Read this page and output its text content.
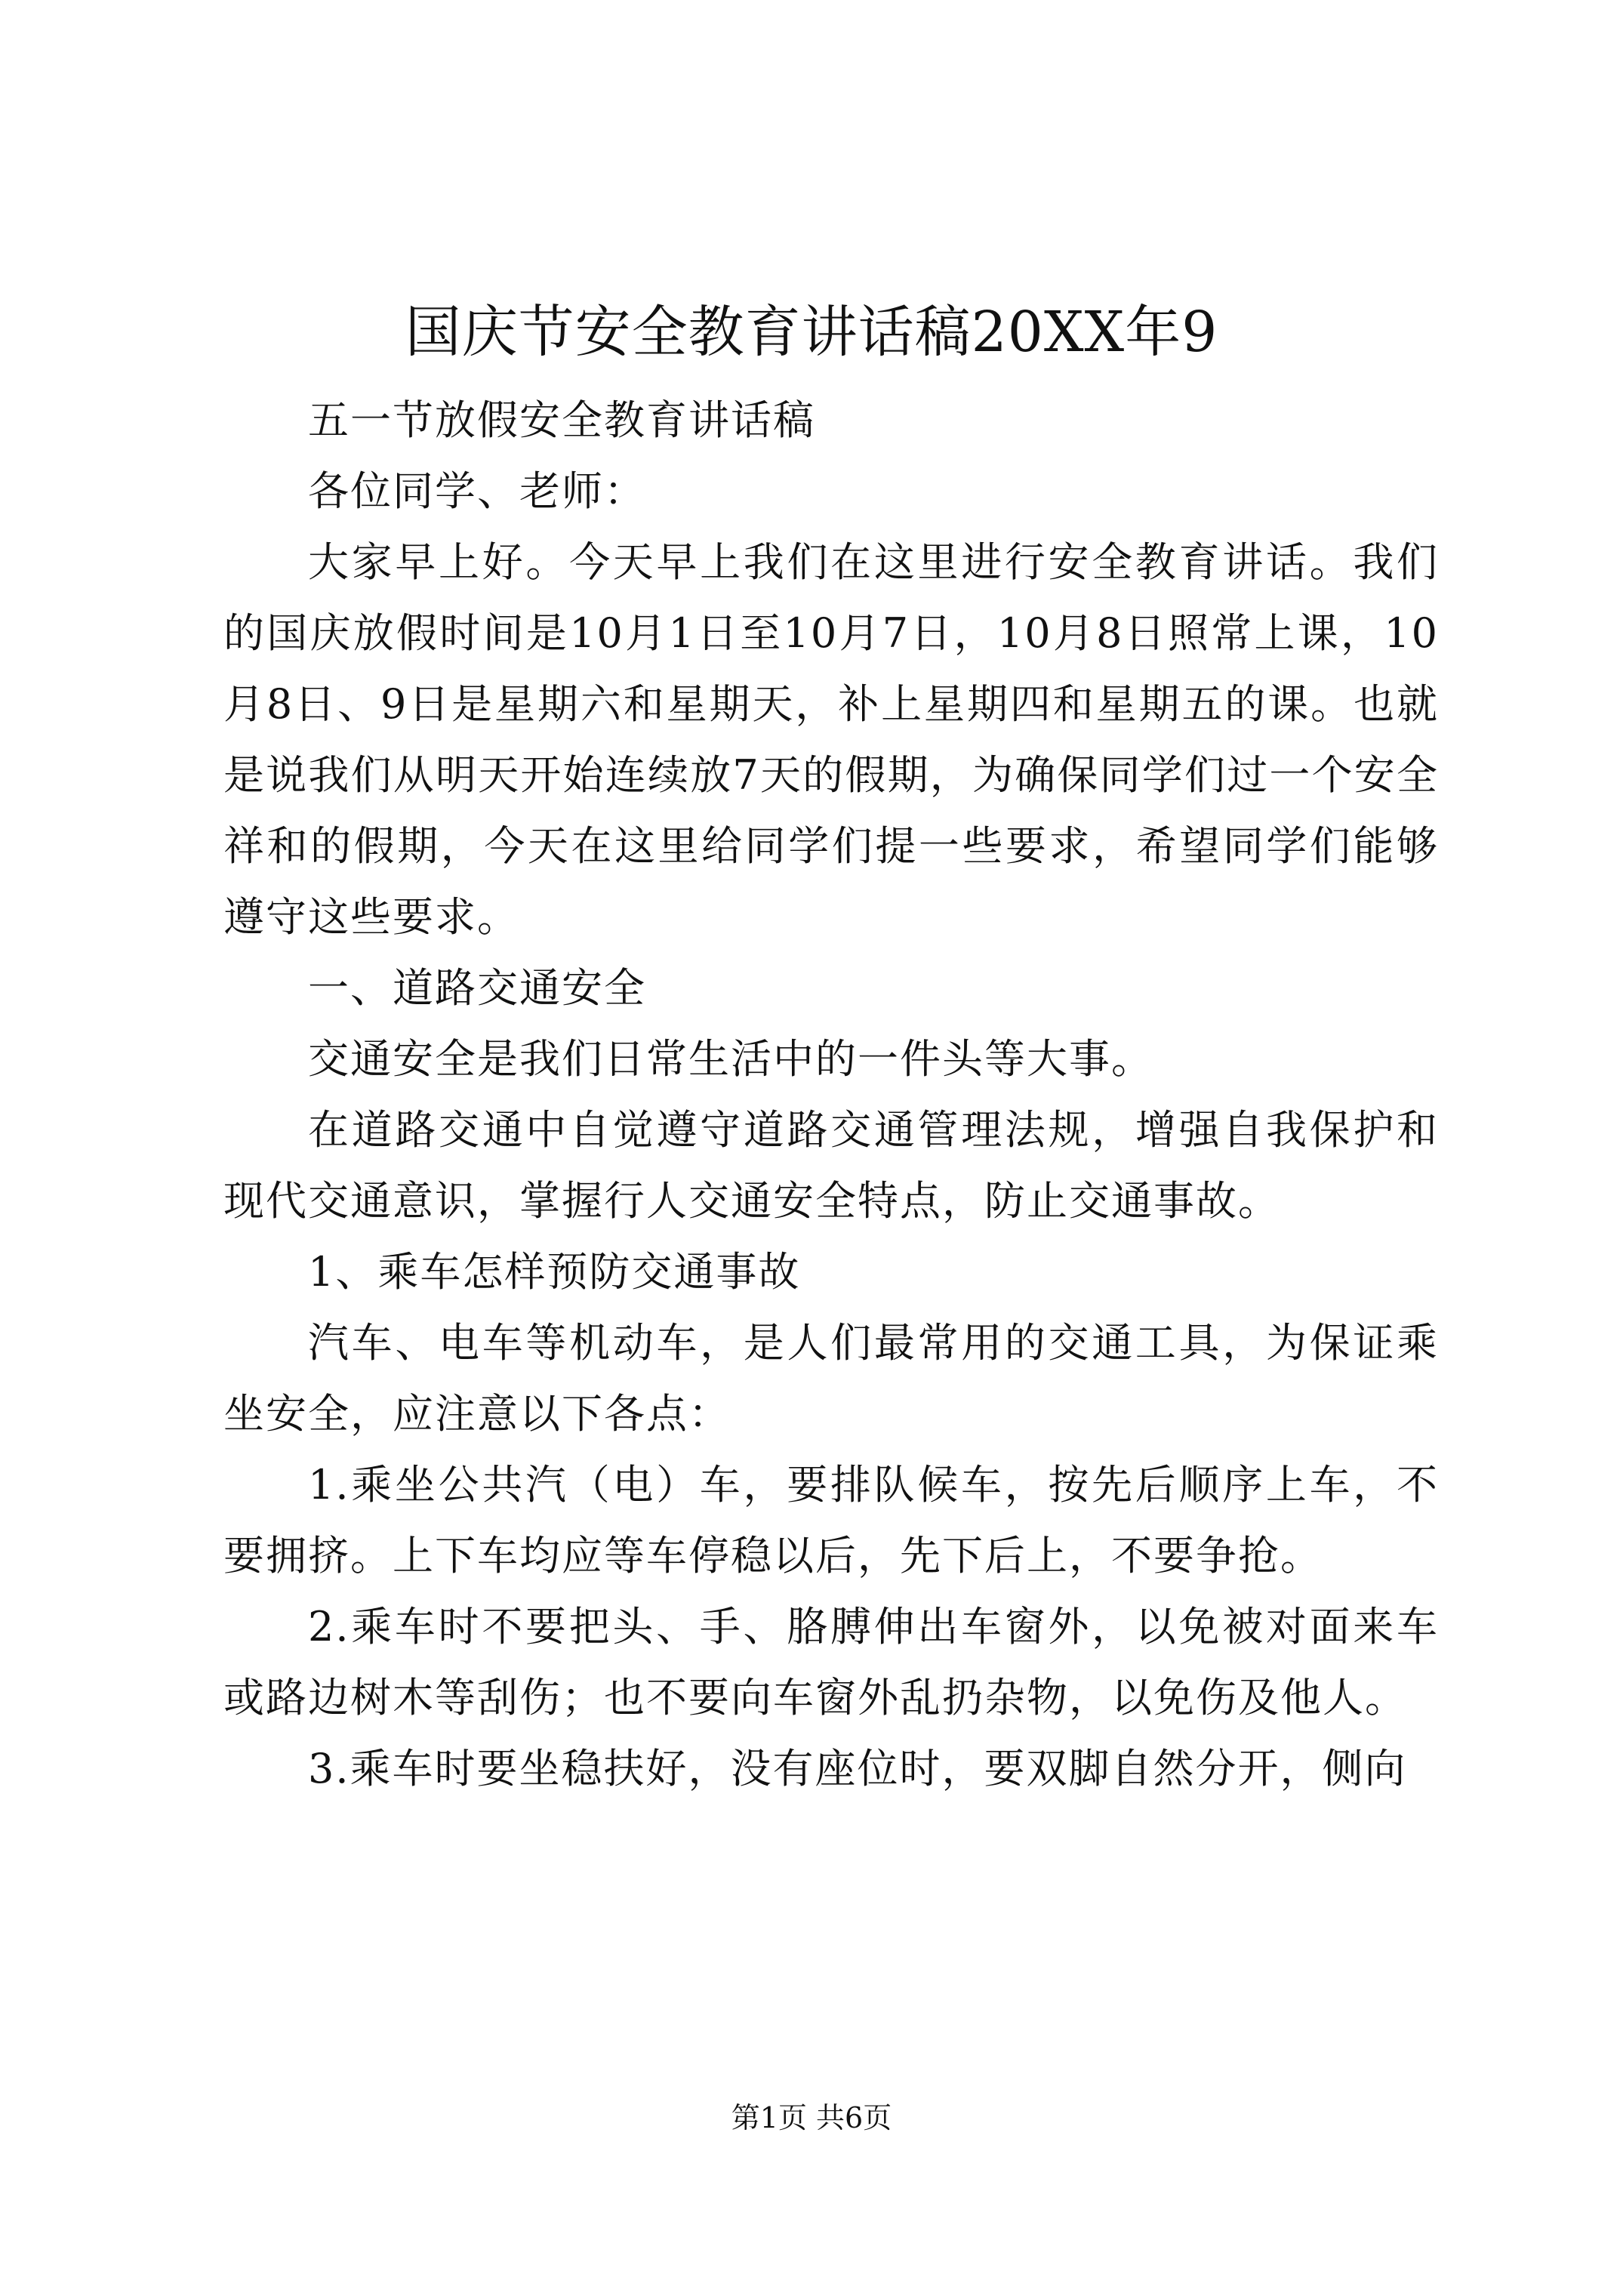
国庆节安全教育讲话稿20XX年9

五一节放假安全教育讲话稿

各位同学、老师：

大家早上好。今天早上我们在这里进行安全教育讲话。我们的国庆放假时间是10月1日至10月7日，10月8日照常上课，10月8日、9日是星期六和星期天，补上星期四和星期五的课。也就是说我们从明天开始连续放7天的假期，为确保同学们过一个安全祥和的假期，今天在这里给同学们提一些要求，希望同学们能够遵守这些要求。

一、道路交通安全

交通安全是我们日常生活中的一件头等大事。

在道路交通中自觉遵守道路交通管理法规，增强自我保护和现代交通意识，掌握行人交通安全特点，防止交通事故。

1、乘车怎样预防交通事故

汽车、电车等机动车，是人们最常用的交通工具，为保证乘坐安全，应注意以下各点：

1.乘坐公共汽（电）车，要排队候车，按先后顺序上车，不要拥挤。上下车均应等车停稳以后，先下后上，不要争抢。

2.乘车时不要把头、手、胳膊伸出车窗外，以免被对面来车或路边树木等刮伤；也不要向车窗外乱扔杂物，以免伤及他人。

3.乘车时要坐稳扶好，没有座位时，要双脚自然分开，侧向

第1页 共6页
